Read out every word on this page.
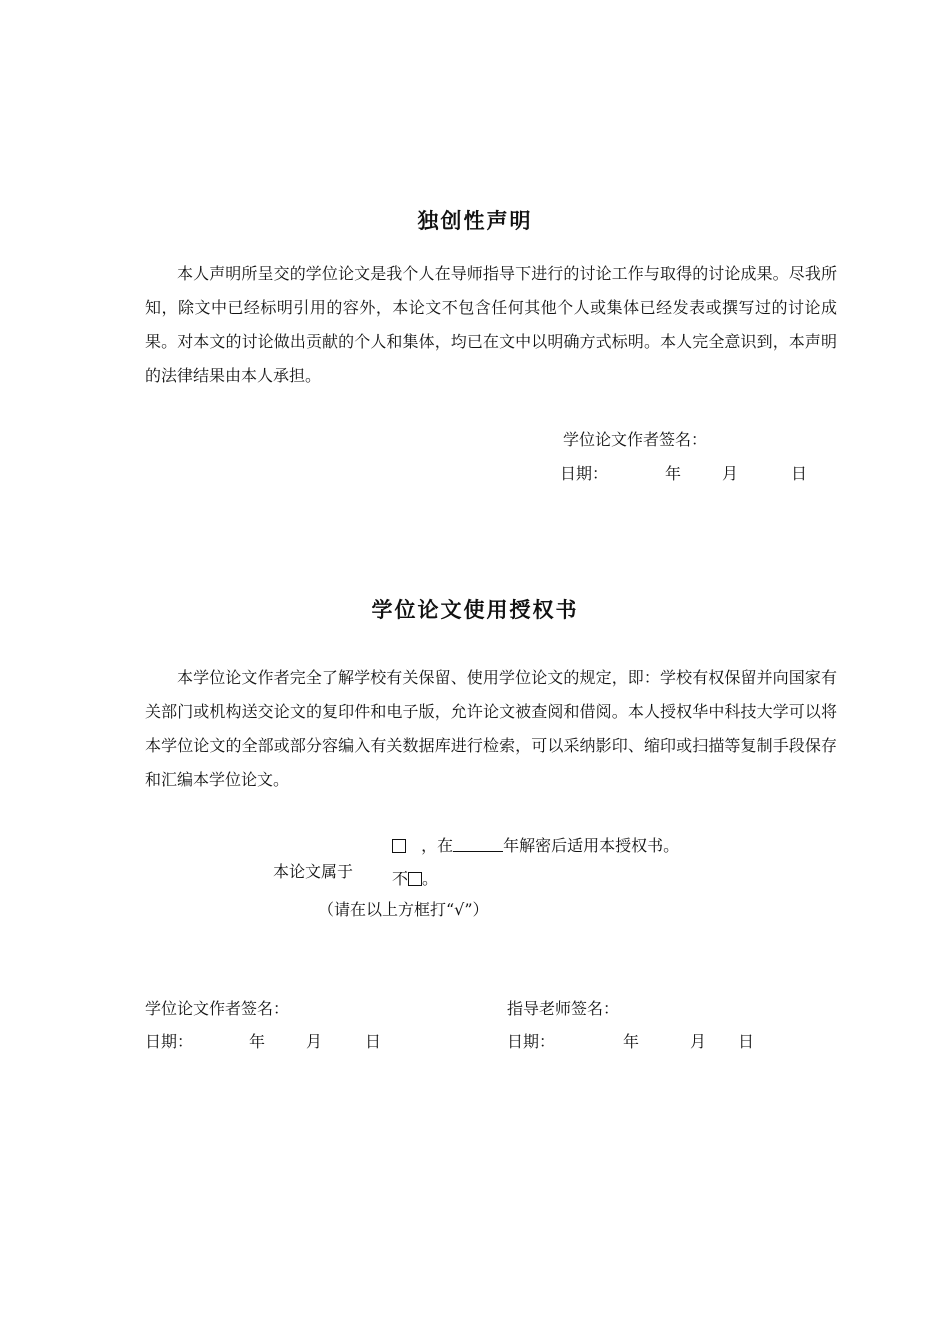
独创性声明
本人声明所呈交的学位论文是我个人在导师指导下进行的讨论工作与取得的讨论成果。尽我所知，除文中已经标明引用的容外，本论文不包含任何其他个人或集体已经发表或撰写过的讨论成果。对本文的讨论做出贡献的个人和集体，均已在文中以明确方式标明。本人完全意识到，本声明的法律结果由本人承担。
学位论文作者签名：
日期：	年	月	日
学位论文使用授权书
本学位论文作者完全了解学校有关保留、使用学位论文的规定，即：学校有权保留并向国家有关部门或机构送交论文的复印件和电子版，允许论文被查阅和借阅。本人授权华中科技大学可以将本学位论文的全部或部分容编入有关数据库进行检索，可以采纳影印、缩印或扫描等复制手段保存和汇编本学位论文。
，在	年解密后适用本授权书。
本论文属于 不 。
（请在以上方框打“√”）
学位论文作者签名：
日期：	年	月	日
指导老师签名：
日期：	年	月 日
